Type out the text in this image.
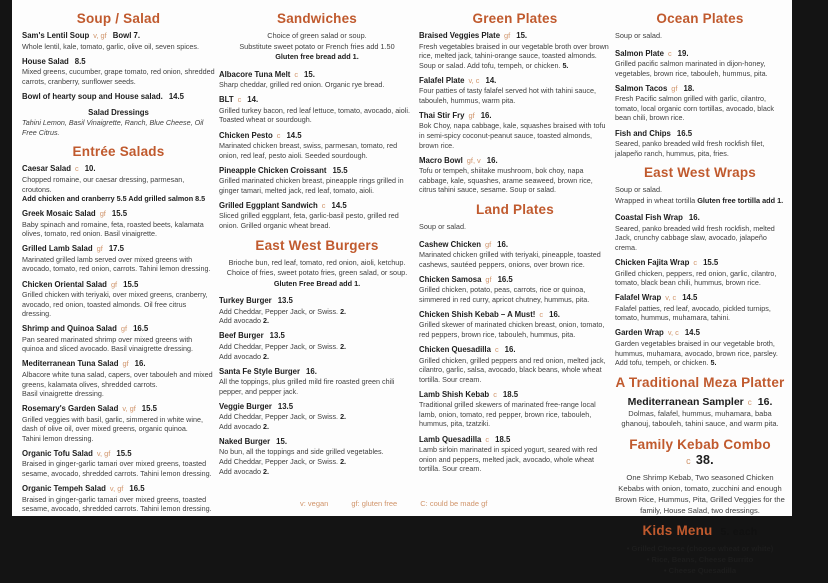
Soup / Salad
Sam's Lentil Soup v, gf Bowl 7.
Whole lentil, kale, tomato, garlic, olive oil, seven spices.
House Salad 8.5
Mixed greens, cucumber, grape tomato, red onion, shredded carrots, cranberry, sunflower seeds.
Bowl of hearty soup and House salad. 14.5
Salad Dressings
Tahini Lemon, Basil Vinaigrette, Ranch, Blue Cheese, Oil Free Citrus.
Entrée Salads
Caesar Salad c 10.
Chopped romaine, our caesar dressing, parmesan, croutons.
Add chicken and cranberry 5.5 Add grilled salmon 8.5
Greek Mosaic Salad gf 15.5
Baby spinach and romaine, feta, roasted beets, kalamata olives, tomato, red onion. Basil vinaigrette.
Grilled Lamb Salad gf 17.5
Marinated grilled lamb served over mixed greens with avocado, tomato, red onion, carrots. Tahini lemon dressing.
Chicken Oriental Salad gf 15.5
Grilled chicken with teriyaki, over mixed greens, cranberry, avocado, red onion, toasted almonds. Oil free citrus dressing.
Shrimp and Quinoa Salad gf 16.5
Pan seared marinated shrimp over mixed greens with quinoa and sliced avocado. Basil vinaigrette dressing.
Mediterranean Tuna Salad gf 16.
Albacore white tuna salad, capers, over tabouleh and mixed greens, kalamata olives, shredded carrots.
Basil vinaigrette dressing.
Rosemary's Garden Salad v, gf 15.5
Grilled veggies with basil, garlic, simmered in white wine, dash of olive oil, over mixed greens, organic quinoa.
Tahini lemon dressing.
Organic Tofu Salad v, gf 15.5
Braised in ginger-garlic tamari over mixed greens, toasted sesame, avocado, shredded carrots. Tahini lemon dressing.
Organic Tempeh Salad v, gf 16.5
Braised in ginger-garlic tamari over mixed greens, toasted sesame, avocado, shredded carrots. Tahini lemon dressing.
Sandwiches
Choice of green salad or soup.
Substitute sweet potato or French fries add 1.50
Gluten free bread add 1.
Albacore Tuna Melt c 15.
Sharp cheddar, grilled red onion. Organic rye bread.
BLT c 14.
Grilled turkey bacon, red leaf lettuce, tomato, avocado, aioli. Toasted wheat or sourdough.
Chicken Pesto c 14.5
Marinated chicken breast, swiss, parmesan, tomato, red onion, red leaf, pesto aioli. Seeded sourdough.
Pineapple Chicken Croissant 15.5
Grilled marinated chicken breast, pineapple rings grilled in ginger tamari, melted jack, red leaf, tomato, aioli.
Grilled Eggplant Sandwich c 14.5
Sliced grilled eggplant, feta, garlic-basil pesto, grilled red onion. Grilled organic wheat bread.
East West Burgers
Brioche bun, red leaf, tomato, red onion, aioli, ketchup.
Choice of fries, sweet potato fries, green salad, or soup.
Gluten Free Bread add 1.
Turkey Burger 13.5
Add Cheddar, Pepper Jack, or Swiss. 2.
Add avocado 2.
Beef Burger 13.5
Add Cheddar, Pepper Jack, or Swiss. 2.
Add avocado 2.
Santa Fe Style Burger 16.
All the toppings, plus grilled mild fire roasted green chili pepper, and pepper jack.
Veggie Burger 13.5
Add Cheddar, Pepper Jack, or Swiss. 2.
Add avocado 2.
Naked Burger 15.
No bun, all the toppings and side grilled vegetables.
Add Cheddar, Pepper Jack, or Swiss. 2.
Add avocado 2.
Green Plates
Braised Veggies Plate gf 15.
Fresh vegetables braised in our vegetable broth over brown rice, melted jack, tahini-orange sauce, toasted almonds.
Soup or salad. Add tofu, tempeh, or chicken. 5.
Falafel Plate v, c 14.
Four patties of tasty falafel served hot with tahini sauce, tabouleh, hummus, warm pita.
Thai Stir Fry gf 16.
Bok Choy, napa cabbage, kale, squashes braised with tofu in semi-spicy coconut-peanut sauce, toasted almonds, brown rice.
Macro Bowl gf, v 16.
Tofu or tempeh, shiitake mushroom, bok choy, napa cabbage, kale, squashes, arame seaweed, brown rice, citrus tahini sauce, sesame. Soup or salad.
Land Plates
Soup or salad.
Cashew Chicken gf 16.
Marinated chicken grilled with teriyaki, pineapple, toasted cashews, sautéed peppers, onions, over brown rice.
Chicken Samosa gf 16.5
Grilled chicken, potato, peas, carrots, rice or quinoa, simmered in red curry, apricot chutney, hummus, pita.
Chicken Shish Kebab – A Must! c 16.
Grilled skewer of marinated chicken breast, onion, tomato, red peppers, brown rice, tabouleh, hummus, pita.
Chicken Quesadilla c 16.
Grilled chicken, grilled peppers and red onion, melted jack, cilantro, garlic, salsa, avocado, black beans, whole wheat tortilla. Sour cream.
Lamb Shish Kebab c 18.5
Traditional grilled skewers of marinated free-range local lamb, onion, tomato, red pepper, brown rice, tabouleh, hummus, pita, tzatziki.
Lamb Quesadilla c 18.5
Lamb sirloin marinated in spiced yogurt, seared with red onion and peppers, melted jack, avocado, whole wheat tortilla. Sour cream.
Ocean Plates
Soup or salad.
Salmon Plate c 19.
Grilled pacific salmon marinated in dijon-honey, vegetables, brown rice, tabouleh, hummus, pita.
Salmon Tacos gf 18.
Fresh Pacific salmon grilled with garlic, cilantro, tomato, local organic corn tortillas, avocado, black bean chili, brown rice.
Fish and Chips 16.5
Seared, panko breaded wild fresh rockfish filet, jalapeño ranch, hummus, pita, fries.
East West Wraps
Soup or salad.
Wrapped in wheat tortilla Gluten free tortilla add 1.
Coastal Fish Wrap 16.
Seared, panko breaded wild fresh rockfish, melted Jack, crunchy cabbage slaw, avocado, jalapeño crema.
Chicken Fajita Wrap c 15.5
Grilled chicken, peppers, red onion, garlic, cilantro, tomato, black bean chili, hummus, brown rice.
Falafel Wrap v, c 14.5
Falafel patties, red leaf, avocado, pickled turnips, tomato, hummus, muhamara, tahini.
Garden Wrap v, c 14.5
Garden vegetables braised in our vegetable broth, hummus, muhamara, avocado, brown rice, parsley.
Add tofu, tempeh, or chicken. 5.
A Traditional Meza Platter
Mediterranean Sampler c 16.
Dolmas, falafel, hummus, muhamara, baba ghanouj, tabouleh, tahini sauce, and warm pita.
Family Kebab Combo c 38.
One Shrimp Kebab, Two seasoned Chicken Kebabs with onion, tomato, zucchini and enough Brown Rice, Hummus, Pita, Grilled Veggies for the family, House Salad, two dressings.
Kids Menu 5. each
• Grilled Cheese (choose wheat or white)
• Rice, Beans, Cheese Burrito
• Cheese Quesadilla
v: vegan	gf: gluten free	C: could be made gf
